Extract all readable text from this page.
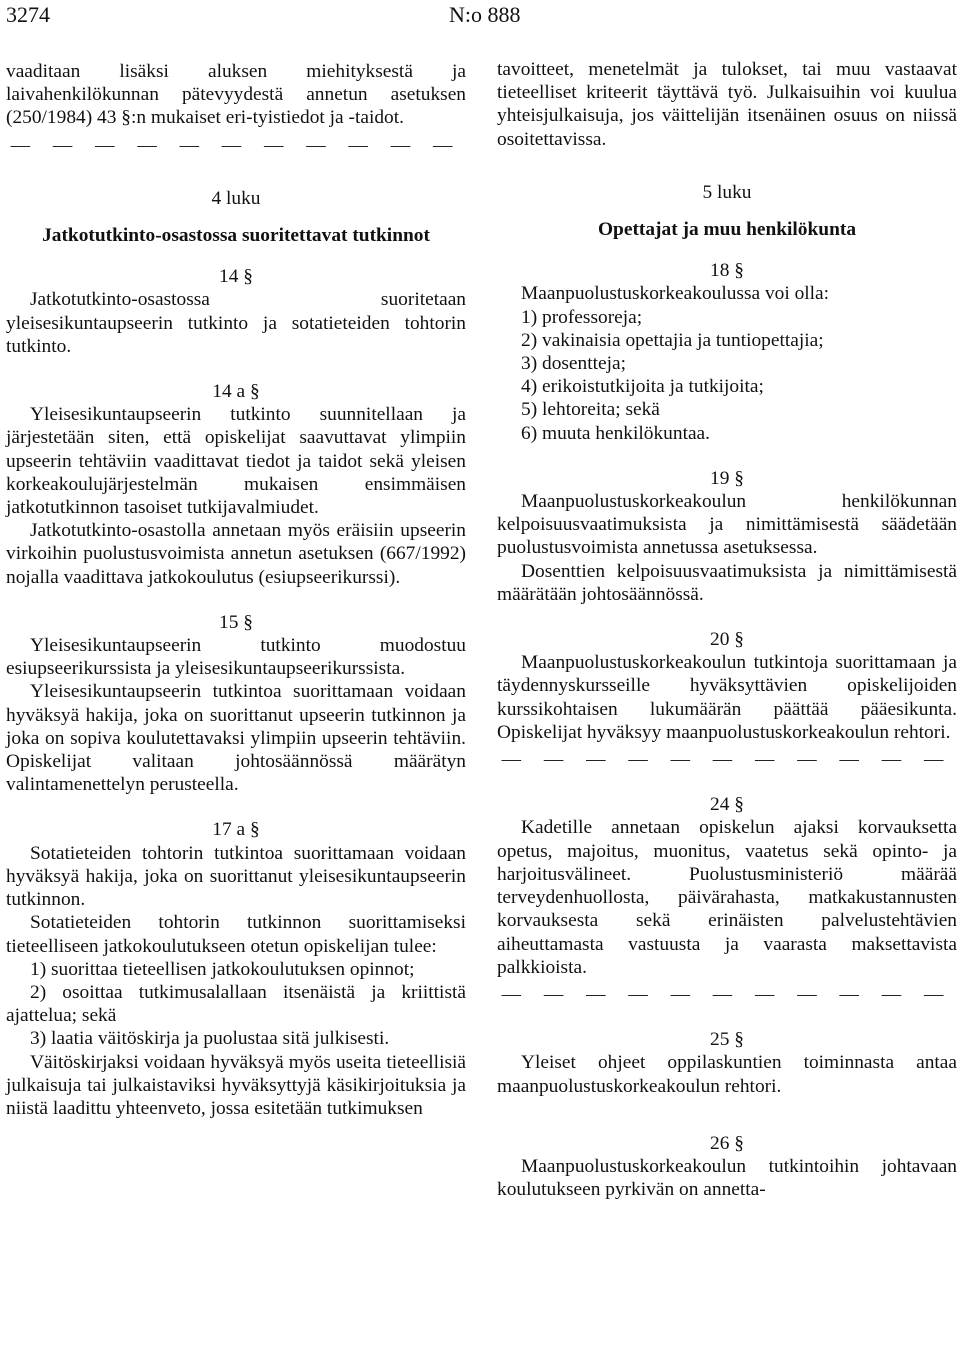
3274	N:o 888

vaaditaan lisäksi aluksen miehityksestä ja laivahenkilökunnan pätevyydestä annetun asetuksen (250/1984) 43 §:n mukaiset eri-tyistiedot ja -taidot.

— — — — — — — — — — —
4 luku
Jatkotutkinto-osastossa suoritettavat tutkinnot
14 §

Jatkotutkinto-osastossa suoritetaan yleisesikuntaupseerin tutkinto ja sotatieteiden tohtorin tutkinto.

14 a §

Yleisesikuntaupseerin tutkinto suunnitellaan ja järjestetään siten, että opiskelijat saavuttavat ylimpiin upseerin tehtäviin vaadittavat tiedot ja taidot sekä yleisen korkeakoulujärjestelmän mukaisen ensimmäisen jatkotutkinnon tasoiset tutkijavalmiudet.

Jatkotutkinto-osastolla annetaan myös eräisiin upseerin virkoihin puolustusvoimista annetun asetuksen (667/1992) nojalla vaadittava jatkokoulutus (esiupseerikurssi).

15 §

Yleisesikuntaupseerin tutkinto muodostuu esiupseerikurssista ja yleisesikuntaupseerikurssista.

Yleisesikuntaupseerin tutkintoa suorittamaan voidaan hyväksyä hakija, joka on suorittanut upseerin tutkinnon ja joka on sopiva koulutettavaksi ylimpiin upseerin tehtäviin. Opiskelijat valitaan johtosäännössä määrätyn valintamenettelyn perusteella.

17 a §

Sotatieteiden tohtorin tutkintoa suorittamaan voidaan hyväksyä hakija, joka on suorittanut yleisesikuntaupseerin tutkinnon.

Sotatieteiden tohtorin tutkinnon suorittamiseksi tieteelliseen jatkokoulutukseen otetun opiskelijan tulee:

1) suorittaa tieteellisen jatkokoulutuksen opinnot;

2) osoittaa tutkimusalallaan itsenäistä ja kriittistä ajattelua; sekä

3) laatia väitöskirja ja puolustaa sitä julkisesti.

Väitöskirjaksi voidaan hyväksyä myös useita tieteellisiä julkaisuja tai julkaistaviksi hyväksyttyjä käsikirjoituksia ja niistä laadittu yhteenveto, jossa esitetään tutkimuksen

tavoitteet, menetelmät ja tulokset, tai muu vastaavat tieteelliset kriteerit täyttävä työ. Julkaisuihin voi kuulua yhteisjulkaisuja, jos väittelijän itsenäinen osuus on niissä osoitettavissa.

5 luku
Opettajat ja muu henkilökunta
18 §

Maanpuolustuskorkeakoulussa voi olla:

1) professoreja;

2) vakinaisia opettajia ja tuntiopettajia;

3) dosentteja;

4) erikoistutkijoita ja tutkijoita;

5) lehtoreita; sekä

6) muuta henkilökuntaa.

19 §

Maanpuolustuskorkeakoulun henkilökunnan kelpoisuusvaatimuksista ja nimittämisestä säädetään puolustusvoimista annetussa asetuksessa.

Dosenttien kelpoisuusvaatimuksista ja nimittämisestä määrätään johtosäännössä.

20 §

Maanpuolustuskorkeakoulun tutkintoja suorittamaan ja täydennyskursseille hyväksyttävien opiskelijoiden kurssikohtaisen lukumäärän päättää pääesikunta. Opiskelijat hyväksyy maanpuolustuskorkeakoulun rehtori.

— — — — — — — — — — —
24 §

Kadetille annetaan opiskelun ajaksi korvauksetta opetus, majoitus, muonitus, vaatetus sekä opinto- ja harjoitusvälineet. Puolustusministeriö määrää terveydenhuollosta, päivärahasta, matkakustannusten korvauksesta sekä erinäisten palvelustehtävien aiheuttamasta vastuusta ja vaarasta maksettavista palkkioista.

— — — — — — — — — — —
25 §

Yleiset ohjeet oppilaskuntien toiminnasta antaa maanpuolustuskorkeakoulun rehtori.

26 §

Maanpuolustuskorkeakoulun tutkintoihin johtavaan koulutukseen pyrkivän on annetta-
